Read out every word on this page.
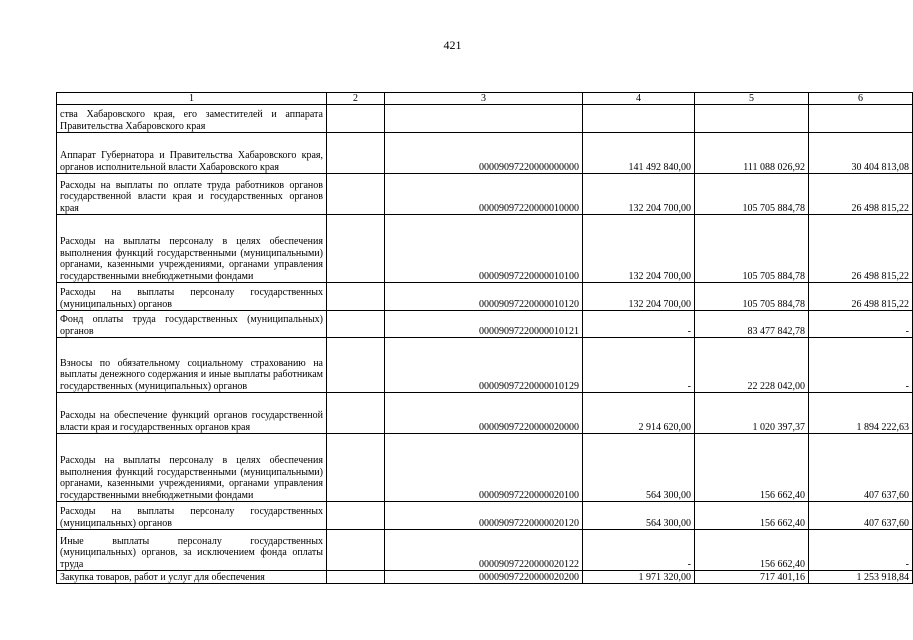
421
1	2	3	4	5	6
ства Хабаровского края, его заместителей и аппарата Правительства Хабаровского края					
Аппарат Губернатора и Правительства Хабаровского края, органов исполнительной власти Хабаровского края		00009097220000000000	141 492 840,00	111 088 026,92	30 404 813,08
Расходы на выплаты по оплате труда работников органов государственной власти края и государственных органов края		00009097220000010000	132 204 700,00	105 705 884,78	26 498 815,22
Расходы на выплаты персоналу в целях обеспечения выполнения функций государственными (муниципальными) органами, казенными учреждениями, органами управления государственными внебюджетными фондами		00009097220000010100	132 204 700,00	105 705 884,78	26 498 815,22
Расходы на выплаты персоналу государственных (муниципальных) органов		00009097220000010120	132 204 700,00	105 705 884,78	26 498 815,22
Фонд оплаты труда государственных (муниципальных) органов		00009097220000010121	-	83 477 842,78	-
Взносы по обязательному социальному страхованию на выплаты денежного содержания и иные выплаты работникам государственных (муниципальных) органов		00009097220000010129	-	22 228 042,00	-
Расходы на обеспечение функций органов государственной власти края и государственных органов края		00009097220000020000	2 914 620,00	1 020 397,37	1 894 222,63
Расходы на выплаты персоналу в целях обеспечения выполнения функций государственными (муниципальными) органами, казенными учреждениями, органами управления государственными внебюджетными фондами		00009097220000020100	564 300,00	156 662,40	407 637,60
Расходы на выплаты персоналу государственных (муниципальных) органов		00009097220000020120	564 300,00	156 662,40	407 637,60
Иные выплаты персоналу государственных (муниципальных) органов, за исключением фонда оплаты труда		00009097220000020122	-	156 662,40	-
Закупка товаров, работ и услуг для обеспечения		00009097220000020200	1 971 320,00	717 401,16	1 253 918,84
